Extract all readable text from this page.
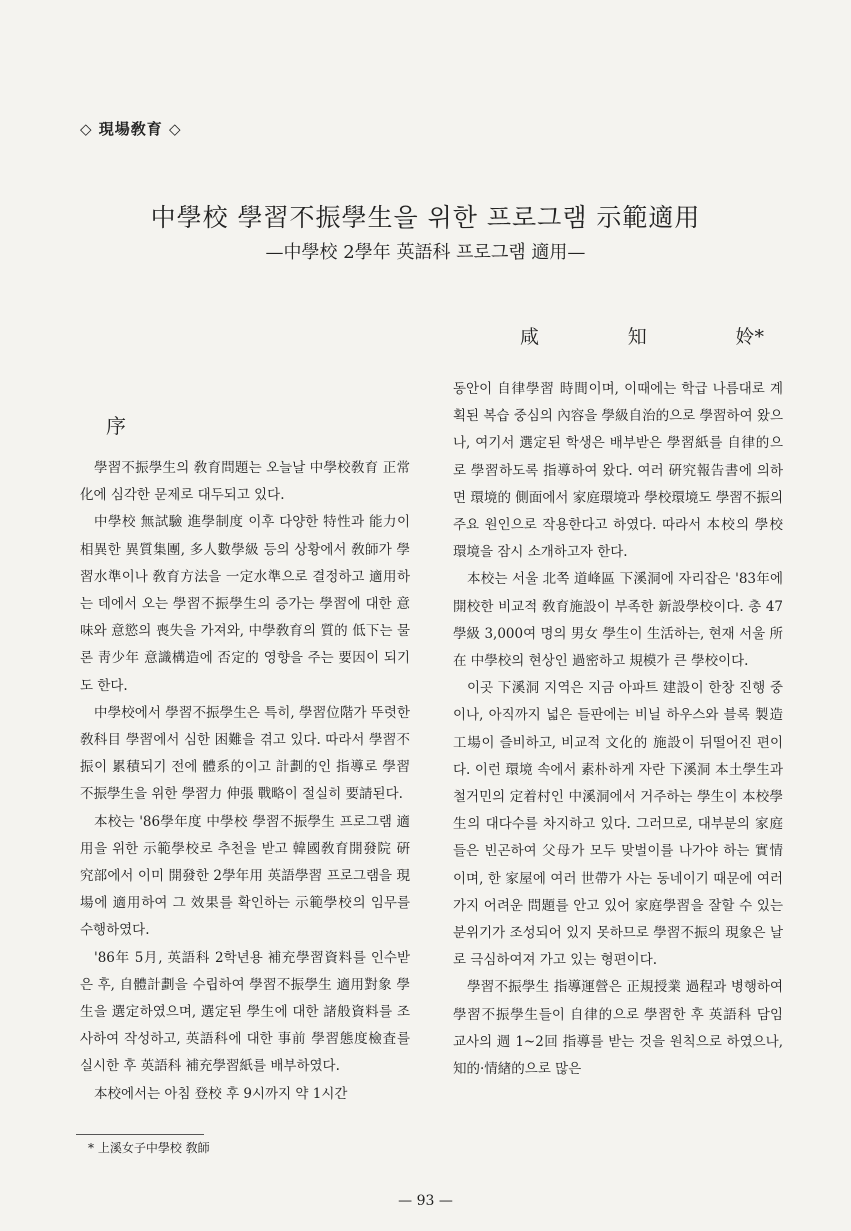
◇ 現場敎育 ◇
中學校 學習不振學生을 위한 프로그램 示範適用
—中學校 2學年 英語科 프로그램 適用—
咸	知	姈*
序

學習不振學生의 敎育問題는 오늘날 中學校敎育 正常化에 심각한 문제로 대두되고 있다.

中學校 無試驗 進學制度 이후 다양한 特性과 能力이 相異한 異質集團, 多人數學級 등의 상황에서 敎師가 學習水準이나 敎育方法을 一定水準으로 결정하고 適用하는 데에서 오는 學習不振學生의 증가는 學習에 대한 意味와 意慾의 喪失을 가져와, 中學敎育의 質的 低下는 물론 靑少年 意識構造에 否定的 영향을 주는 要因이 되기도 한다.

中學校에서 學習不振學生은 특히, 學習位階가 뚜렷한 敎科目 學習에서 심한 困難을 겪고 있다. 따라서 學習不振이 累積되기 전에 體系的이고 計劃的인 指導로 學習不振學生을 위한 學習力 伸張 戰略이 절실히 要請된다.

本校는 '86學年度 中學校 學習不振學生 프로그램 適用을 위한 示範學校로 추천을 받고 韓國敎育開發院 硏究部에서 이미 開發한 2學年用 英語學習 프로그램을 現場에 適用하여 그 效果를 확인하는 示範學校의 임무를 수행하였다.

'86年 5月, 英語科 2학년용 補充學習資料를 인수받은 후, 自體計劃을 수립하여 學習不振學生 適用對象 學生을 選定하였으며, 選定된 學生에 대한 諸般資料를 조사하여 작성하고, 英語科에 대한 事前 學習態度檢査를 실시한 후 英語科 補充學習紙를 배부하였다.

本校에서는 아침 登校 후 9시까지 약 1시간

동안이 自律學習 時間이며, 이때에는 학급 나름대로 계획된 복습 중심의 內容을 學級自治的으로 學習하여 왔으나, 여기서 選定된 학생은 배부받은 學習紙를 自律的으로 學習하도록 指導하여 왔다. 여러 硏究報告書에 의하면 環境的 側面에서 家庭環境과 學校環境도 學習不振의 주요 원인으로 작용한다고 하였다. 따라서 本校의 學校環境을 잠시 소개하고자 한다.

本校는 서울 北쪽 道峰區 下溪洞에 자리잡은 '83年에 開校한 비교적 敎育施設이 부족한 新設學校이다. 총 47學級 3,000여 명의 男女 學生이 生活하는, 현재 서울 所在 中學校의 현상인 過密하고 規模가 큰 學校이다.

이곳 下溪洞 지역은 지금 아파트 建設이 한창 진행 중이나, 아직까지 넓은 들판에는 비닐 하우스와 블록 製造工場이 즐비하고, 비교적 文化的 施設이 뒤떨어진 편이다. 이런 環境 속에서 素朴하게 자란 下溪洞 本土學生과 철거민의 定着村인 中溪洞에서 거주하는 學生이 本校學生의 대다수를 차지하고 있다. 그러므로, 대부분의 家庭들은 빈곤하여 父母가 모두 맞벌이를 나가야 하는 實情이며, 한 家屋에 여러 世帶가 사는 동네이기 때문에 여러 가지 어려운 問題를 안고 있어 家庭學習을 잘할 수 있는 분위기가 조성되어 있지 못하므로 學習不振의 現象은 날로 극심하여져 가고 있는 형편이다.

學習不振學生 指導運營은 正規授業 過程과 병행하여 學習不振學生들이 自律的으로 學習한 후 英語科 담임 교사의 週 1~2回 指導를 받는 것을 원칙으로 하였으나, 知的·情緖的으로 많은

* 上溪女子中學校 敎師
— 93 —
